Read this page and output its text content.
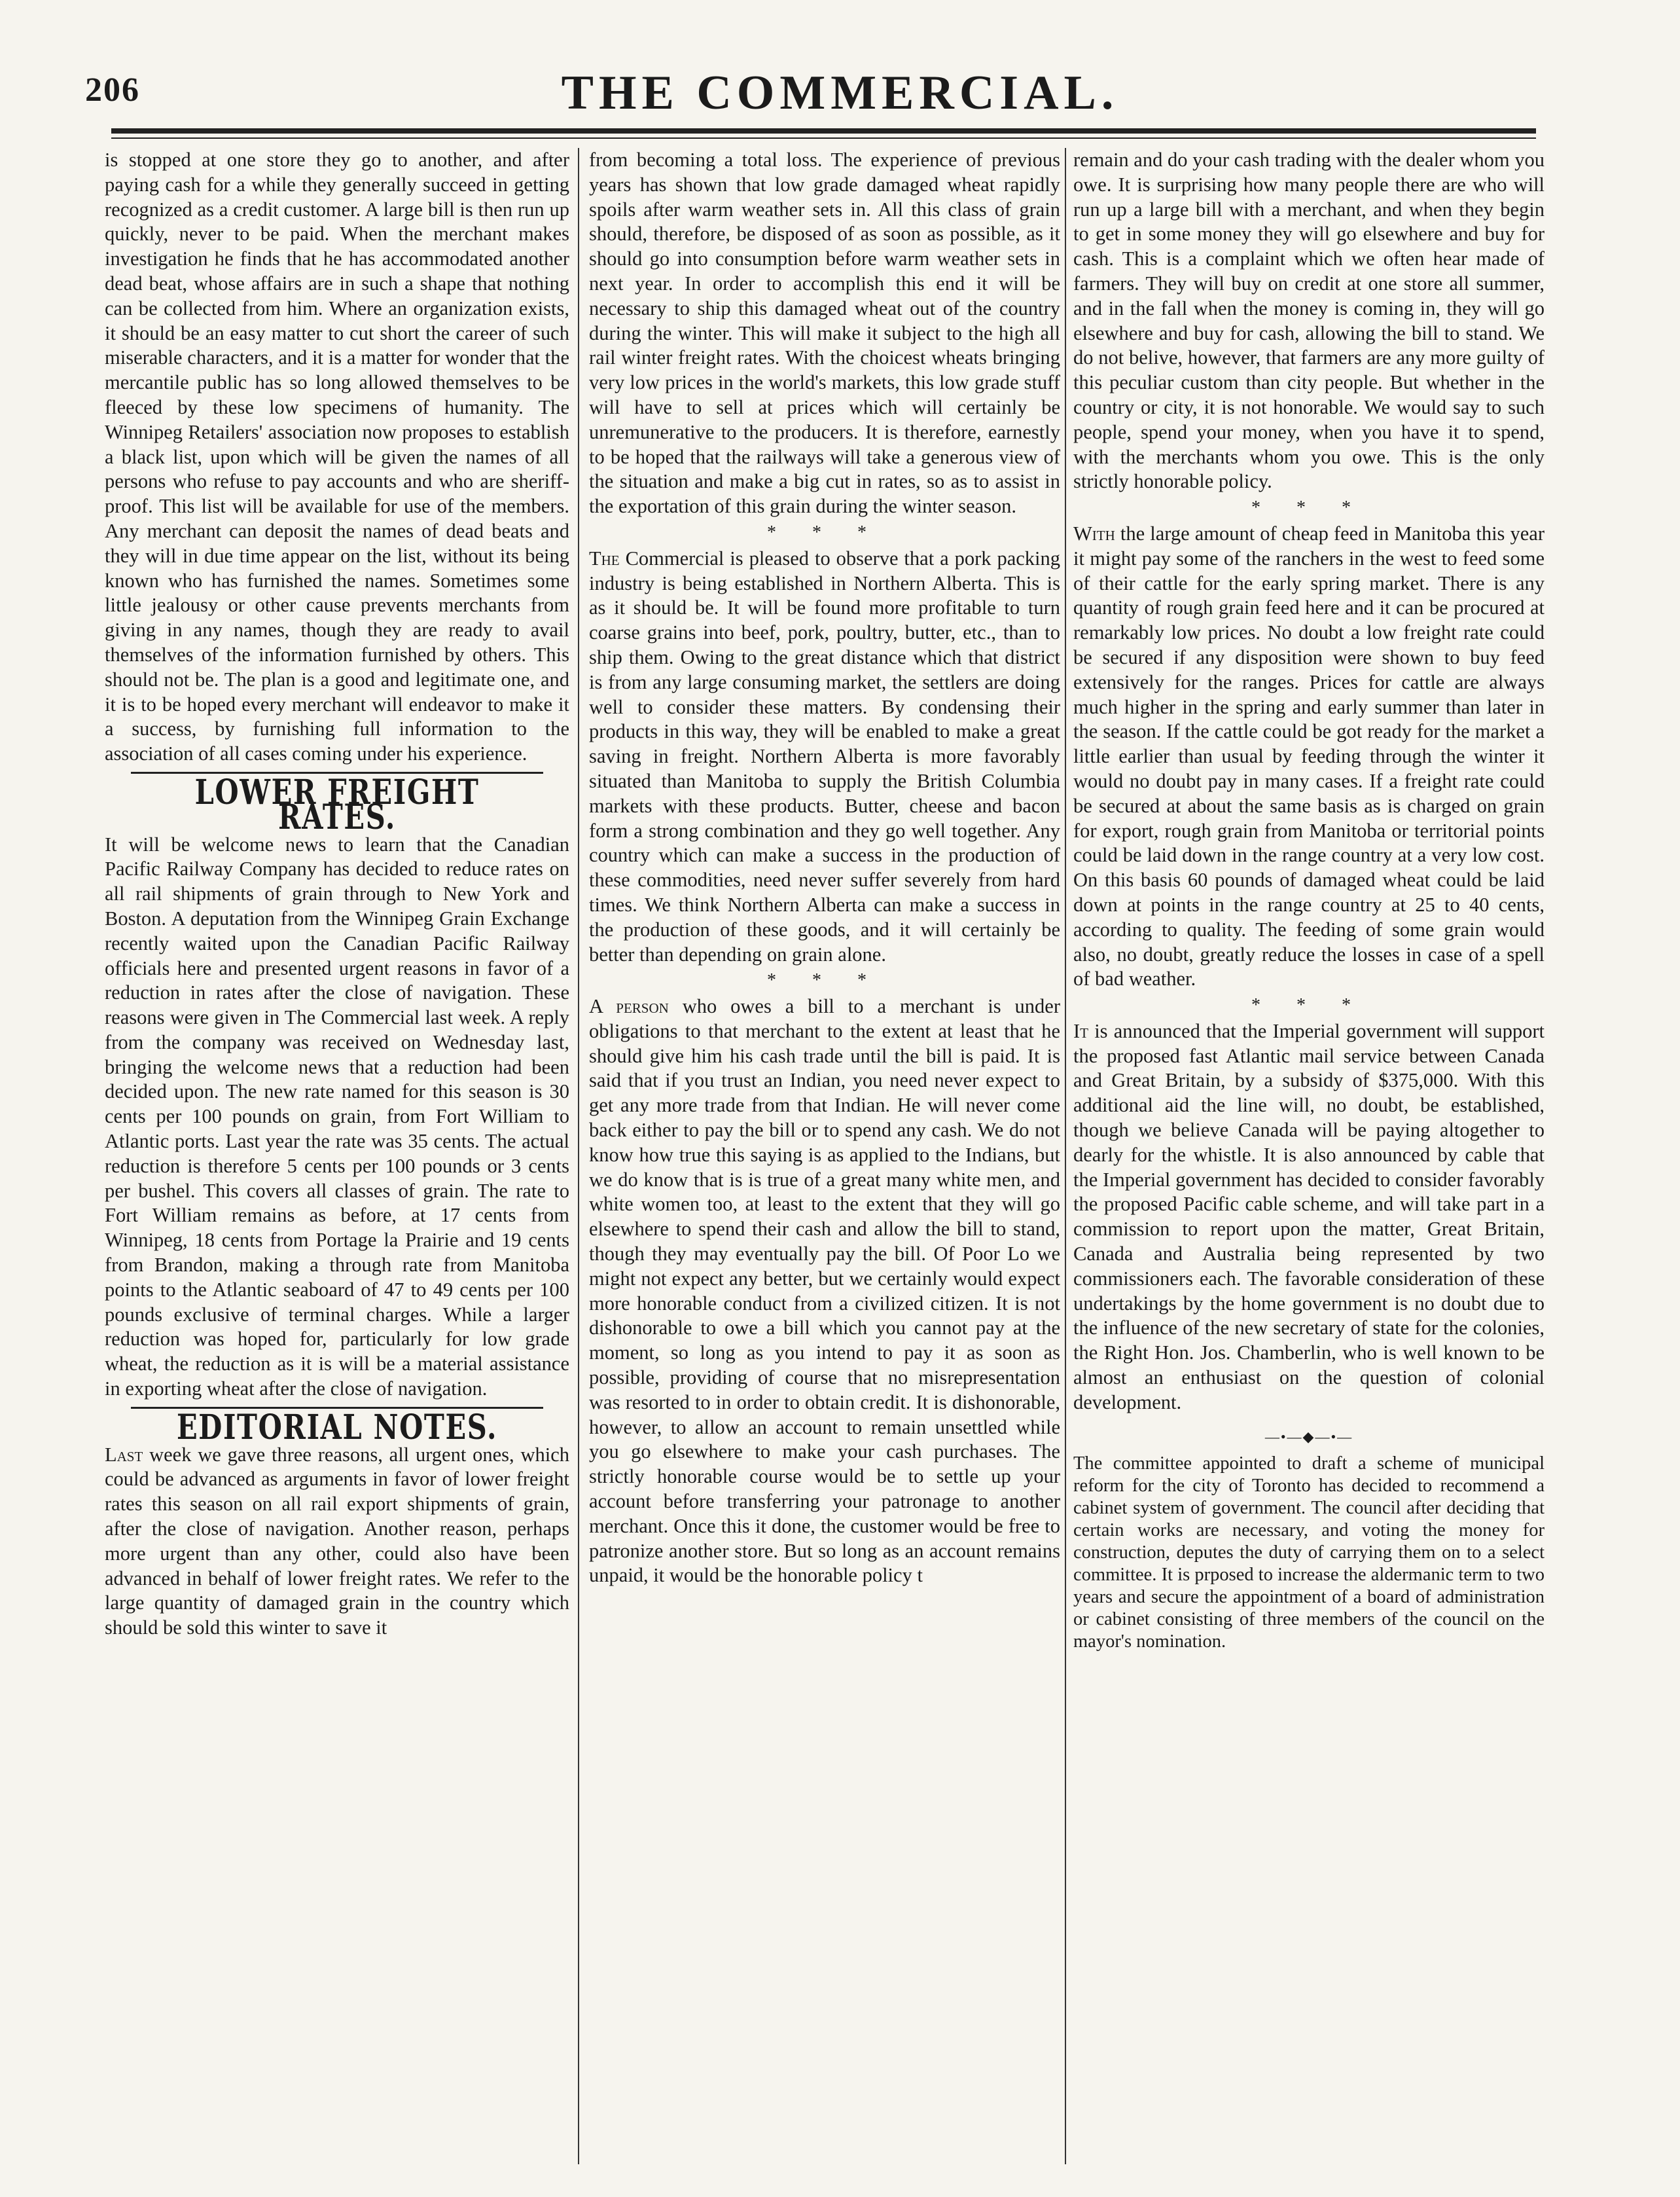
206	THE COMMERCIAL.

is stopped at one store they go to another, and after paying cash for a while they generally succeed in getting recognized as a credit customer. A large bill is then run up quickly, never to be paid. When the merchant makes investigation he finds that he has accommodated another dead beat, whose affairs are in such a shape that nothing can be collected from him. Where an organization exists, it should be an easy matter to cut short the career of such miserable characters, and it is a matter for wonder that the mercantile public has so long allowed themselves to be fleeced by these low specimens of humanity. The Winnipeg Retailers' association now proposes to establish a black list, upon which will be given the names of all persons who refuse to pay accounts and who are sheriff-proof. This list will be available for use of the members. Any merchant can deposit the names of dead beats and they will in due time appear on the list, without its being known who has furnished the names. Sometimes some little jealousy or other cause prevents merchants from giving in any names, though they are ready to avail themselves of the information furnished by others. This should not be. The plan is a good and legitimate one, and it is to be hoped every merchant will endeavor to make it a success, by furnishing full information to the association of all cases coming under his experience.

LOWER FREIGHT RATES.

It will be welcome news to learn that the Canadian Pacific Railway Company has decided to reduce rates on all rail shipments of grain through to New York and Boston. A deputation from the Winnipeg Grain Exchange recently waited upon the Canadian Pacific Railway officials here and presented urgent reasons in favor of a reduction in rates after the close of navigation. These reasons were given in The Commercial last week. A reply from the company was received on Wednesday last, bringing the welcome news that a reduction had been decided upon. The new rate named for this season is 30 cents per 100 pounds on grain, from Fort William to Atlantic ports. Last year the rate was 35 cents. The actual reduction is therefore 5 cents per 100 pounds or 3 cents per bushel. This covers all classes of grain. The rate to Fort William remains as before, at 17 cents from Winnipeg, 18 cents from Portage la Prairie and 19 cents from Brandon, making a through rate from Manitoba points to the Atlantic seaboard of 47 to 49 cents per 100 pounds exclusive of terminal charges. While a larger reduction was hoped for, particularly for low grade wheat, the reduction as it is will be a material assistance in exporting wheat after the close of navigation.

EDITORIAL NOTES.

Last week we gave three reasons, all urgent ones, which could be advanced as arguments in favor of lower freight rates this season on all rail export shipments of grain, after the close of navigation. Another reason, perhaps more urgent than any other, could also have been advanced in behalf of lower freight rates. We refer to the large quantity of damaged grain in the country which should be sold this winter to save it

from becoming a total loss. The experience of previous years has shown that low grade damaged wheat rapidly spoils after warm weather sets in. All this class of grain should, therefore, be disposed of as soon as possible, as it should go into consumption before warm weather sets in next year. In order to accomplish this end it will be necessary to ship this damaged wheat out of the country during the winter. This will make it subject to the high all rail winter freight rates. With the choicest wheats bringing very low prices in the world's markets, this low grade stuff will have to sell at prices which will certainly be unremunerative to the producers. It is therefore, earnestly to be hoped that the railways will take a generous view of the situation and make a big cut in rates, so as to assist in the exportation of this grain during the winter season.

* * *

The Commercial is pleased to observe that a pork packing industry is being established in Northern Alberta. This is as it should be. It will be found more profitable to turn coarse grains into beef, pork, poultry, butter, etc., than to ship them. Owing to the great distance which that district is from any large consuming market, the settlers are doing well to consider these matters. By condensing their products in this way, they will be enabled to make a great saving in freight. Northern Alberta is more favorably situated than Manitoba to supply the British Columbia markets with these products. Butter, cheese and bacon form a strong combination and they go well together. Any country which can make a success in the production of these commodities, need never suffer severely from hard times. We think Northern Alberta can make a success in the production of these goods, and it will certainly be better than depending on grain alone.

* * *

A person who owes a bill to a merchant is under obligations to that merchant to the extent at least that he should give him his cash trade until the bill is paid. It is said that if you trust an Indian, you need never expect to get any more trade from that Indian. He will never come back either to pay the bill or to spend any cash. We do not know how true this saying is as applied to the Indians, but we do know that is is true of a great many white men, and white women too, at least to the extent that they will go elsewhere to spend their cash and allow the bill to stand, though they may eventually pay the bill. Of Poor Lo we might not expect any better, but we certainly would expect more honorable conduct from a civilized citizen. It is not dishonorable to owe a bill which you cannot pay at the moment, so long as you intend to pay it as soon as possible, providing of course that no misrepresentation was resorted to in order to obtain credit. It is dishonorable, however, to allow an account to remain unsettled while you go elsewhere to make your cash purchases. The strictly honorable course would be to settle up your account before transferring your patronage to another merchant. Once this it done, the customer would be free to patronize another store. But so long as an account remains unpaid, it would be the honorable policy t

remain and do your cash trading with the dealer whom you owe. It is surprising how many people there are who will run up a large bill with a merchant, and when they begin to get in some money they will go elsewhere and buy for cash. This is a complaint which we often hear made of farmers. They will buy on credit at one store all summer, and in the fall when the money is coming in, they will go elsewhere and buy for cash, allowing the bill to stand. We do not belive, however, that farmers are any more guilty of this peculiar custom than city people. But whether in the country or city, it is not honorable. We would say to such people, spend your money, when you have it to spend, with the merchants whom you owe. This is the only strictly honorable policy.

* * *

With the large amount of cheap feed in Manitoba this year it might pay some of the ranchers in the west to feed some of their cattle for the early spring market. There is any quantity of rough grain feed here and it can be procured at remarkably low prices. No doubt a low freight rate could be secured if any disposition were shown to buy feed extensively for the ranges. Prices for cattle are always much higher in the spring and early summer than later in the season. If the cattle could be got ready for the market a little earlier than usual by feeding through the winter it would no doubt pay in many cases. If a freight rate could be secured at about the same basis as is charged on grain for export, rough grain from Manitoba or territorial points could be laid down in the range country at a very low cost. On this basis 60 pounds of damaged wheat could be laid down at points in the range country at 25 to 40 cents, according to quality. The feeding of some grain would also, no doubt, greatly reduce the losses in case of a spell of bad weather.

* * *

It is announced that the Imperial government will support the proposed fast Atlantic mail service between Canada and Great Britain, by a subsidy of $375,000. With this additional aid the line will, no doubt, be established, though we believe Canada will be paying altogether to dearly for the whistle. It is also announced by cable that the Imperial government has decided to consider favorably the proposed Pacific cable scheme, and will take part in a commission to report upon the matter, Great Britain, Canada and Australia being represented by two commissioners each. The favorable consideration of these undertakings by the home government is no doubt due to the influence of the new secretary of state for the colonies, the Right Hon. Jos. Chamberlin, who is well known to be almost an enthusiast on the question of colonial development.

—•—◆—•—

The committee appointed to draft a scheme of municipal reform for the city of Toronto has decided to recommend a cabinet system of government. The council after deciding that certain works are necessary, and voting the money for construction, deputes the duty of carrying them on to a select committee. It is prposed to increase the aldermanic term to two years and secure the appointment of a board of administration or cabinet consisting of three members of the council on the mayor's nomination.
